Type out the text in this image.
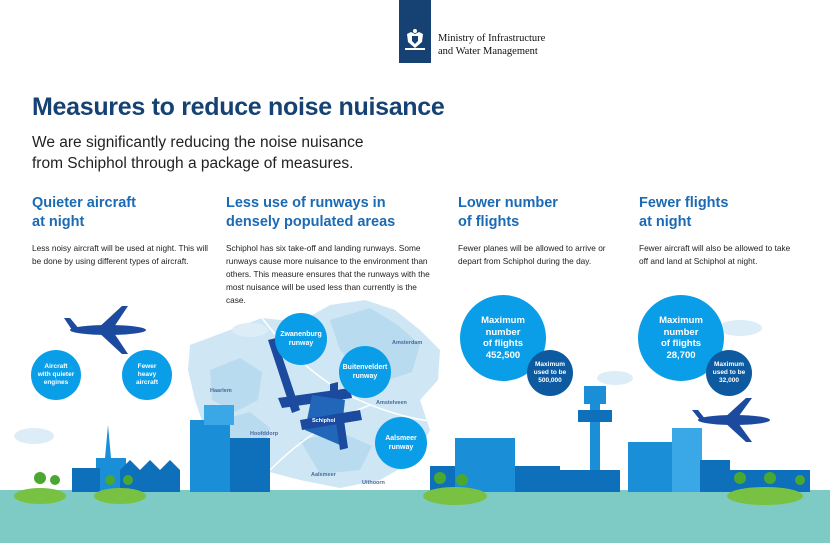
Ministry of Infrastructure
and Water Management
Measures to reduce noise nuisance
We are significantly reducing the noise nuisance from Schiphol through a package of measures.
Quieter aircraft
at night
Less noisy aircraft will be used at night. This will be done by using different types of aircraft.
Less use of runways in
densely populated areas
Schiphol has six take-off and landing runways. Some runways cause more nuisance to the environment than others. This measure ensures that the runways with the most nuisance will be used less than currently is the case.
Lower number
of flights
Fewer planes will be allowed to arrive or depart from Schiphol during the day.
Fewer flights
at night
Fewer aircraft will also be allowed to take off and land at Schiphol at night.
Amsterdam
Haarlem
Hoofddorp
Schiphol
Amstelveen
Aalsmeer
Uithoorn
Aircraft
with quieter
engines
Fewer
heavy
aircraft
Zwanenburg
runway
Buitenveldert
runway
Aalsmeer
runway
Maximum
number
of flights
452,500
Maximum
used to be
500,000
Maximum
number
of flights
28,700
Maximum
used to be
32,000
